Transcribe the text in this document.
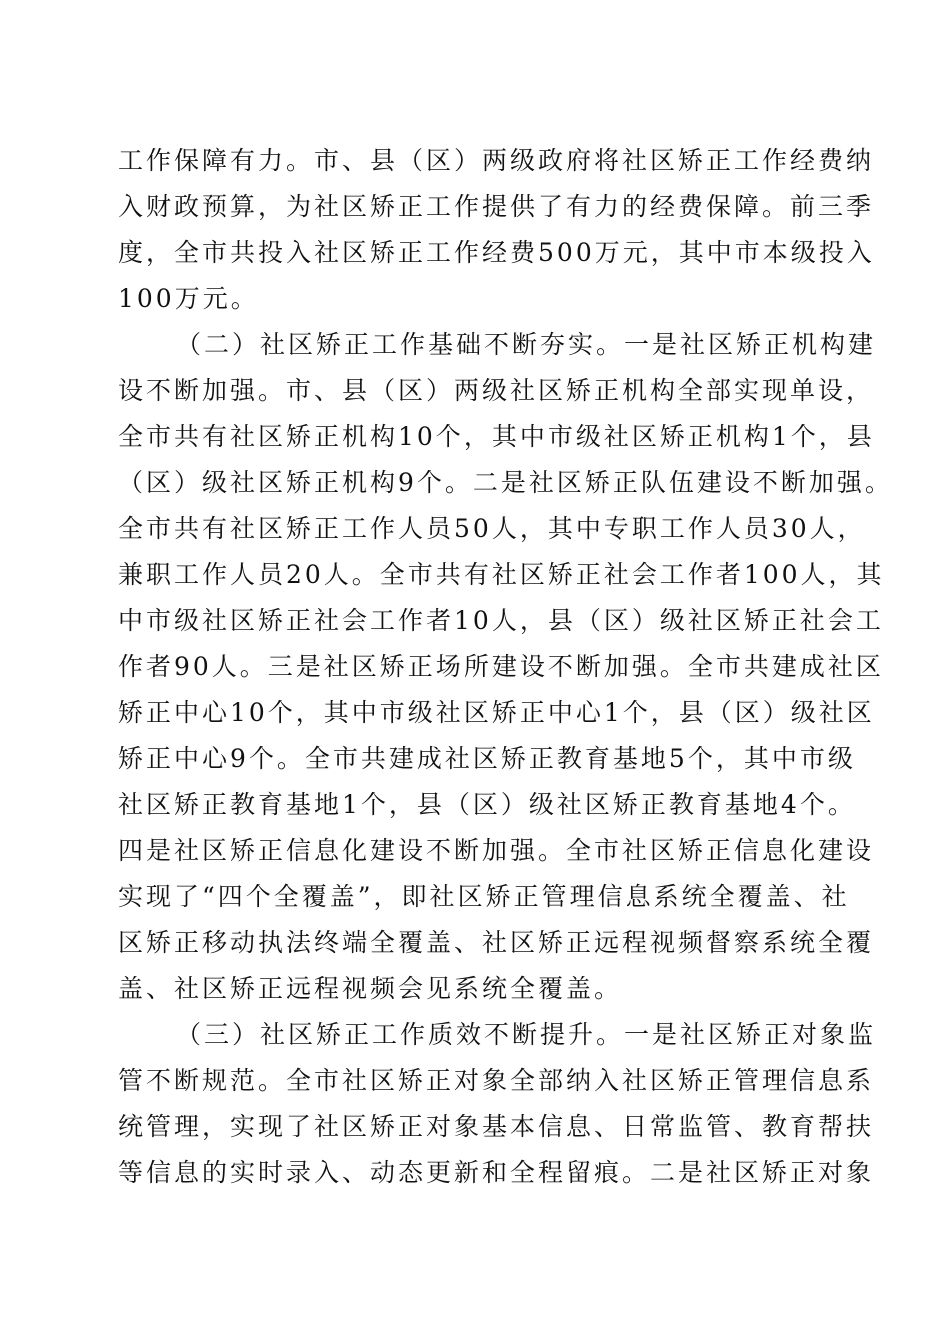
工作保障有力。市、县（区）两级政府将社区矫正工作经费纳
入财政预算，为社区矫正工作提供了有力的经费保障。前三季
度，全市共投入社区矫正工作经费500万元，其中市本级投入
100万元。
（二）社区矫正工作基础不断夯实。一是社区矫正机构建
设不断加强。市、县（区）两级社区矫正机构全部实现单设，
全市共有社区矫正机构10个，其中市级社区矫正机构1个，县
（区）级社区矫正机构9个。二是社区矫正队伍建设不断加强。
全市共有社区矫正工作人员50人，其中专职工作人员30人，
兼职工作人员20人。全市共有社区矫正社会工作者100人，其
中市级社区矫正社会工作者10人，县（区）级社区矫正社会工
作者90人。三是社区矫正场所建设不断加强。全市共建成社区
矫正中心10个，其中市级社区矫正中心1个，县（区）级社区
矫正中心9个。全市共建成社区矫正教育基地5个，其中市级
社区矫正教育基地1个，县（区）级社区矫正教育基地4个。
四是社区矫正信息化建设不断加强。全市社区矫正信息化建设
实现了“四个全覆盖”，即社区矫正管理信息系统全覆盖、社
区矫正移动执法终端全覆盖、社区矫正远程视频督察系统全覆
盖、社区矫正远程视频会见系统全覆盖。
（三）社区矫正工作质效不断提升。一是社区矫正对象监
管不断规范。全市社区矫正对象全部纳入社区矫正管理信息系
统管理，实现了社区矫正对象基本信息、日常监管、教育帮扶
等信息的实时录入、动态更新和全程留痕。二是社区矫正对象
